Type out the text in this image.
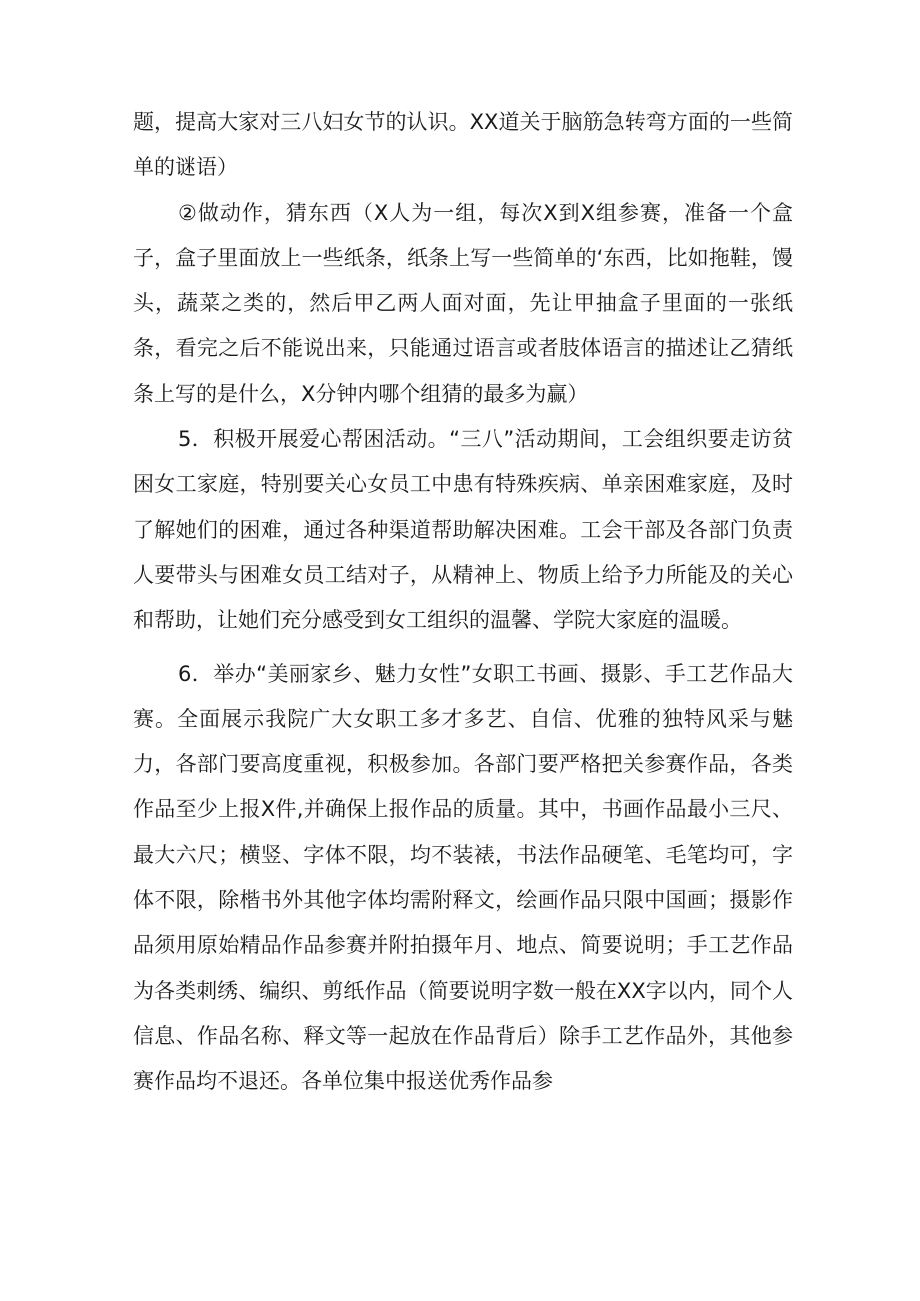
题，提高大家对三八妇女节的认识。XX道关于脑筋急转弯方面的一些简单的谜语）

②做动作，猜东西（X人为一组，每次X到X组参赛，准备一个盒子，盒子里面放上一些纸条，纸条上写一些简单的‘东西，比如拖鞋，馒头，蔬菜之类的，然后甲乙两人面对面，先让甲抽盒子里面的一张纸条，看完之后不能说出来，只能通过语言或者肢体语言的描述让乙猜纸条上写的是什么，X分钟内哪个组猜的最多为赢）

5．积极开展爱心帮困活动。“三八”活动期间，工会组织要走访贫困女工家庭，特别要关心女员工中患有特殊疾病、单亲困难家庭，及时了解她们的困难，通过各种渠道帮助解决困难。工会干部及各部门负责人要带头与困难女员工结对子，从精神上、物质上给予力所能及的关心和帮助，让她们充分感受到女工组织的温馨、学院大家庭的温暖。

6．举办“美丽家乡、魅力女性”女职工书画、摄影、手工艺作品大赛。全面展示我院广大女职工多才多艺、自信、优雅的独特风采与魅力，各部门要高度重视，积极参加。各部门要严格把关参赛作品，各类作品至少上报X件,并确保上报作品的质量。其中，书画作品最小三尺、最大六尺；横竖、字体不限，均不装裱，书法作品硬笔、毛笔均可，字体不限，除楷书外其他字体均需附释文，绘画作品只限中国画；摄影作品须用原始精品作品参赛并附拍摄年月、地点、简要说明；手工艺作品为各类刺绣、编织、剪纸作品（简要说明字数一般在XX字以内，同个人信息、作品名称、释文等一起放在作品背后）除手工艺作品外，其他参赛作品均不退还。各单位集中报送优秀作品参
